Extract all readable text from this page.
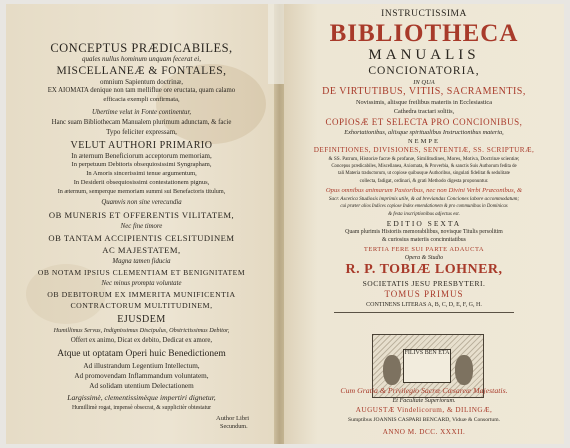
CONCEPTUS PRÆDICABILES,
quales nullus hominum unquam fecerat ei,
MISCELLANEÆ & FONTALES,
omnium Sapientum doctrinæ,
EX AIOMATA denique non tam melliflue ore eructata, quam calamo
efficacia exempli confirmata,
Ubertime velut in Fonte continentur,
Hanc suam Bibliothecam Manualem plurimum adunctam, & facie
Typo feliciter expressam,
VELUT AUTHORI PRIMARIO
In æternum Beneficiorum acceptorum memoriam,
In perpetuum Debitoris obsequiosissimi Syngrapham,
In Amoris sincerissimi tenue argumentum,
In Desiderii obsequiosissimi contestationem pignus,
In æternum, semperque memoriam summi sui Benefactoris titulum,
Quamvis non sine verecundia
OB MUNERIS ET OFFERENTIS VILITATEM,
Nec fine timore
OB TANTAM ACCIPIENTIS CELSITUDINEM
AC MAJESTATEM,
Magna tamen fiducia
OB NOTAM IPSIUS CLEMENTIAM ET BENIGNITATEM
Nec minus prompta voluntate
OB DEBITORUM EX IMMERITA MUNIFICENTIA
CONTRACTORUM MULTITUDINEM,
EJUSDEM
Humillimus Servus, Indignissimus Discipulus, Obstrictissimus Debitor,
Offert ex animo, Dicat ex debito, Dedicat ex amore,
Atque ut optatam Operi huic Benedictionem
Ad illustrandum Legentium Intellectum,
Ad promovendam Inflammandum voluntatem,
Ad solidam utentium Delectationem
Largissimè, clementissimèque impertiri dignetur,
Humillimè rogat, impensè obsecrat, & supplicitèr obtestatur
Author Libri
Secundum.
INSTRUCTISSIMA
BIBLIOTHECA
MANUALIS
CONCIONATORIA,
IN QUA
DE VIRTUTIBUS, VITIIS, SACRAMENTIS,
Novissimis, aliisque freilibus materiis in Ecclesiastica
Cathedra tractari solitis,
COPIOSÆ ET SELECTA PRO CONCIONIBUS,
Exhortationibus, aliisque spiritualibus Instructionibus materia,
NEMPE
DEFINITIONES, DIVISIONES, SENTENTIÆ, SS. SCRIPTURÆ,
& SS. Patrum, Historiæ facræ & profanæ, Similitudines, Mores, Motiva, Doctrinæ scientiæ;
Concepus prædicabiles, Miscellanea, Axiomata, & Proverbia, & sanctis Suis Authorum fedita de
tali Materia traductorum, ut copiose quibusque Authoribus, singulati fidelitat & sedulitate
collecta, fadigat, ordinari, & grati Methodo digesta proponuntur.
Opus omnibus animarum Pastoribus, nec non Divini Verbi Præconibus, &
Sacr. Ascetica Studiosis imprimis utile, & ad breviandas Conciones labore accommodatum;
cui præter alios Indices copiose Index emendationem & pro communibus in Dominicas
& festa inscriptionibus adjectus est.
EDITIO SEXTA
Quam plurimis Historiis memorabilibus, novisque Titulis persolitim
& curiosius materiis concinnitatibus
TERTIA FERE SUI PARTE ADAUCTA
Opera & Studio
R. P. TOBIÆ LOHNER,
SOCIETATIS JESU PRESBYTERI.
TOMUS PRIMUS
CONTINENS LITERAS A, B, C, D, E, F, G, H.
FILIVS BEN ETA
Cum Gratia & Privilegio Sacræ Cæsareæ Majestatis.
Et Facultate Superiorum.
AUGUSTÆ Vindelicorum, & DILINGÆ,
Sumptibus JOANNIS CASPARI BENCARD, Viduæ & Consortum.
ANNO M. DCC. XXXII.
